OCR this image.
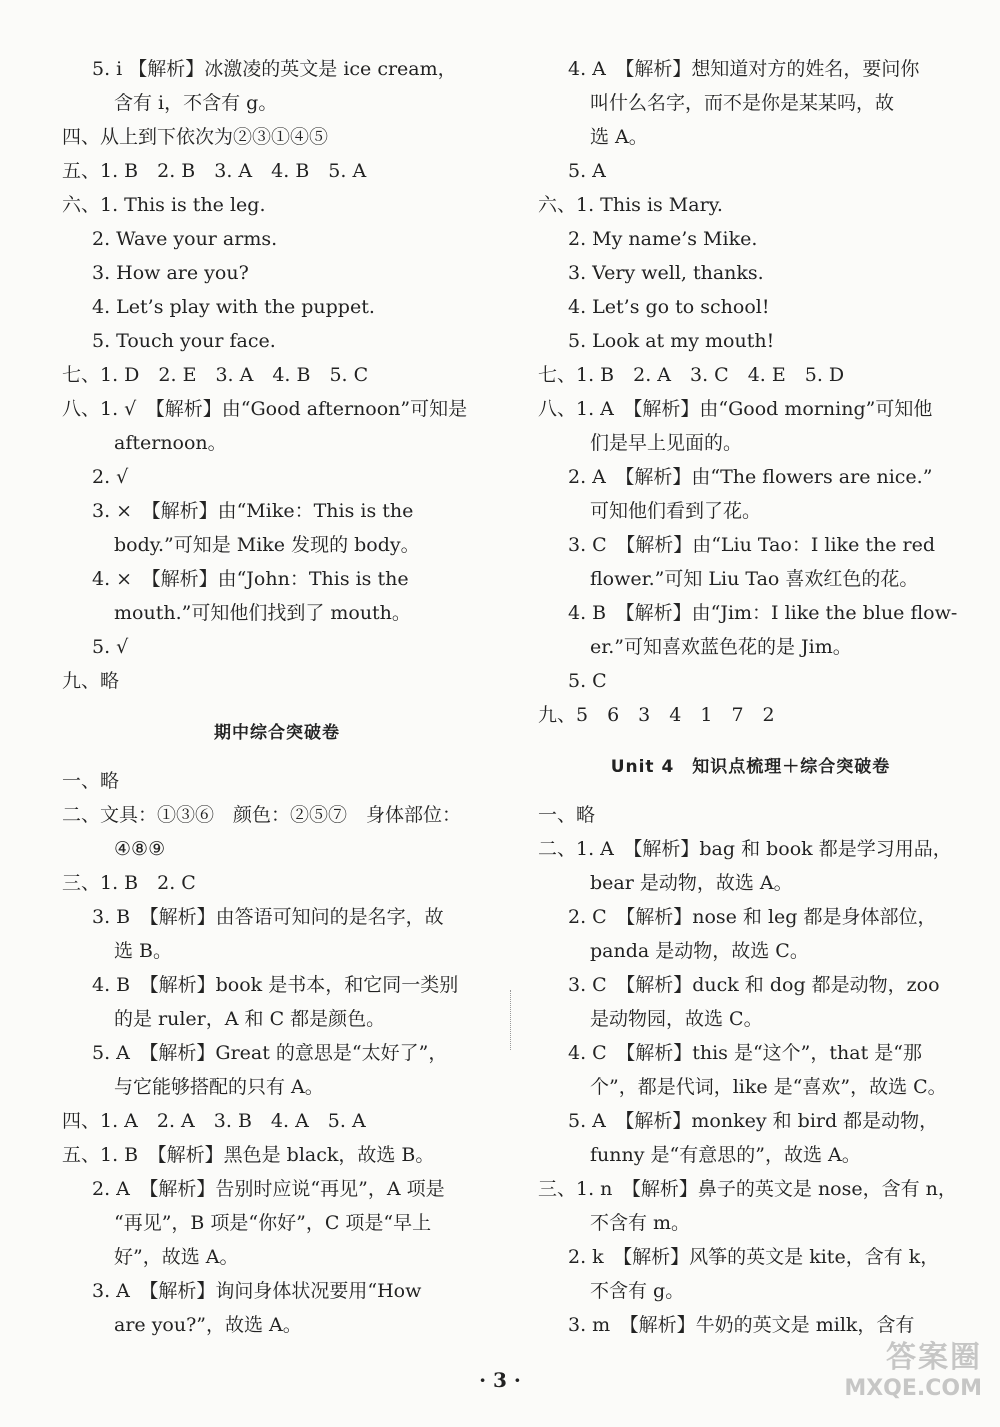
5. i 【解析】冰激凌的英文是 ice cream，
含有 i，不含有 g。
四、从上到下依次为②③①④⑤
五、1. B　2. B　3. A　4. B　5. A
六、1. This is the leg.
2. Wave your arms.
3. How are you?
4. Let’s play with the puppet.
5. Touch your face.
七、1. D　2. E　3. A　4. B　5. C
八、1. √　【解析】由“Good afternoon”可知是
afternoon。
2. √
3. ×　【解析】由“Mike：This is the
body.”可知是 Mike 发现的 body。
4. ×　【解析】由“John：This is the
mouth.”可知他们找到了 mouth。
5. √
九、略
期中综合突破卷
一、略
二、文具：①③⑥　颜色：②⑤⑦　身体部位：
④⑧⑨
三、1. B　2. C
3. B　【解析】由答语可知问的是名字，故
选 B。
4. B　【解析】book 是书本，和它同一类别
的是 ruler，A 和 C 都是颜色。
5. A　【解析】Great 的意思是“太好了”，
与它能够搭配的只有 A。
四、1. A　2. A　3. B　4. A　5. A
五、1. B　【解析】黑色是 black，故选 B。
2. A　【解析】告别时应说“再见”，A 项是
“再见”，B 项是“你好”，C 项是“早上
好”，故选 A。
3. A　【解析】询问身体状况要用“How
are you?”，故选 A。
4. A　【解析】想知道对方的姓名，要问你
叫什么名字，而不是你是某某吗，故
选 A。
5. A
六、1. This is Mary.
2. My name’s Mike.
3. Very well, thanks.
4. Let’s go to school!
5. Look at my mouth!
七、1. B　2. A　3. C　4. E　5. D
八、1. A　【解析】由“Good morning”可知他
们是早上见面的。
2. A　【解析】由“The flowers are nice.”
可知他们看到了花。
3. C　【解析】由“Liu Tao：I like the red
flower.”可知 Liu Tao 喜欢红色的花。
4. B　【解析】由“Jim：I like the blue flow-
er.”可知喜欢蓝色花的是 Jim。
5. C
九、5　6　3　4　1　7　2
Unit 4　知识点梳理＋综合突破卷
一、略
二、1. A　【解析】bag 和 book 都是学习用品，
bear 是动物，故选 A。
2. C　【解析】nose 和 leg 都是身体部位，
panda 是动物，故选 C。
3. C　【解析】duck 和 dog 都是动物，zoo
是动物园，故选 C。
4. C　【解析】this 是“这个”，that 是“那
个”，都是代词，like 是“喜欢”，故选 C。
5. A　【解析】monkey 和 bird 都是动物，
funny 是“有意思的”，故选 A。
三、1. n　【解析】鼻子的英文是 nose，含有 n，
不含有 m。
2. k　【解析】风筝的英文是 kite，含有 k，
不含有 g。
3. m　【解析】牛奶的英文是 milk，含有
· 3 ·
答案圈
MXQE.COM
